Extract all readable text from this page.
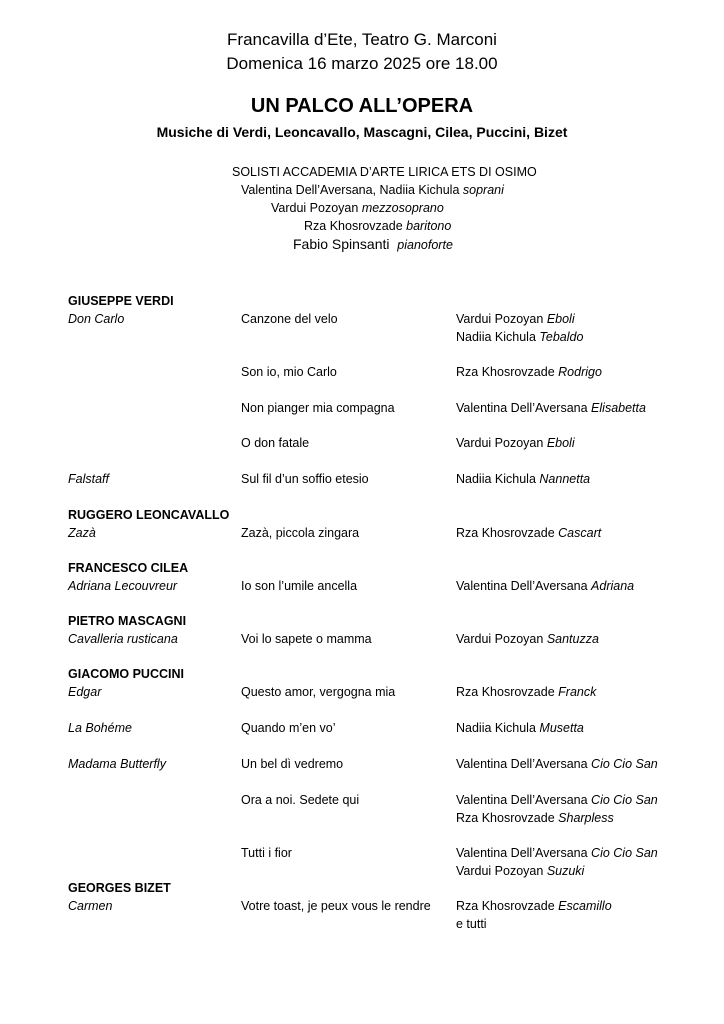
Francavilla d’Ete, Teatro G. Marconi
Domenica 16 marzo 2025 ore 18.00
UN PALCO ALL’OPERA
Musiche di Verdi, Leoncavallo, Mascagni, Cilea, Puccini, Bizet
SOLISTI ACCADEMIA D’ARTE LIRICA ETS DI OSIMO
Valentina Dell’Aversana, Nadiia Kichula soprani
Vardui Pozoyan mezzosoprano
Rza Khosrovzade baritono
Fabio Spinsanti pianoforte
GIUSEPPE VERDI
RUGGERO LEONCAVALLO
FRANCESCO CILEA
PIETRO MASCAGNI
GIACOMO PUCCINI
GEORGES BIZET
Don Carlo
Falstaff
Zazà
Adriana Lecouvreur
Cavalleria rusticana
Edgar
La Bohéme
Madama Butterfly
Carmen
Canzone del velo
Son io, mio Carlo
Non pianger mia compagna
O don fatale
Sul fil d’un soffio etesio
Zazà, piccola zingara
Io son l’umile ancella
Voi lo sapete o mamma
Questo amor, vergogna mia
Quando m’en vo’
Un bel dì vedremo
Ora a noi. Sedete qui
Tutti i fior
Votre toast, je peux vous le rendre
Vardui Pozoyan Eboli
Nadiia Kichula Tebaldo
Rza Khosrovzade Rodrigo
Valentina Dell’Aversana Elisabetta
Vardui Pozoyan Eboli
Nadiia Kichula Nannetta
Rza Khosrovzade Cascart
Valentina Dell’Aversana Adriana
Vardui Pozoyan Santuzza
Rza Khosrovzade Franck
Nadiia Kichula Musetta
Valentina Dell’Aversana Cio Cio San
Valentina Dell’Aversana Cio Cio San
Rza Khosrovzade Sharpless
Valentina Dell’Aversana Cio Cio San
Vardui Pozoyan Suzuki
Rza Khosrovzade Escamillo
e tutti
